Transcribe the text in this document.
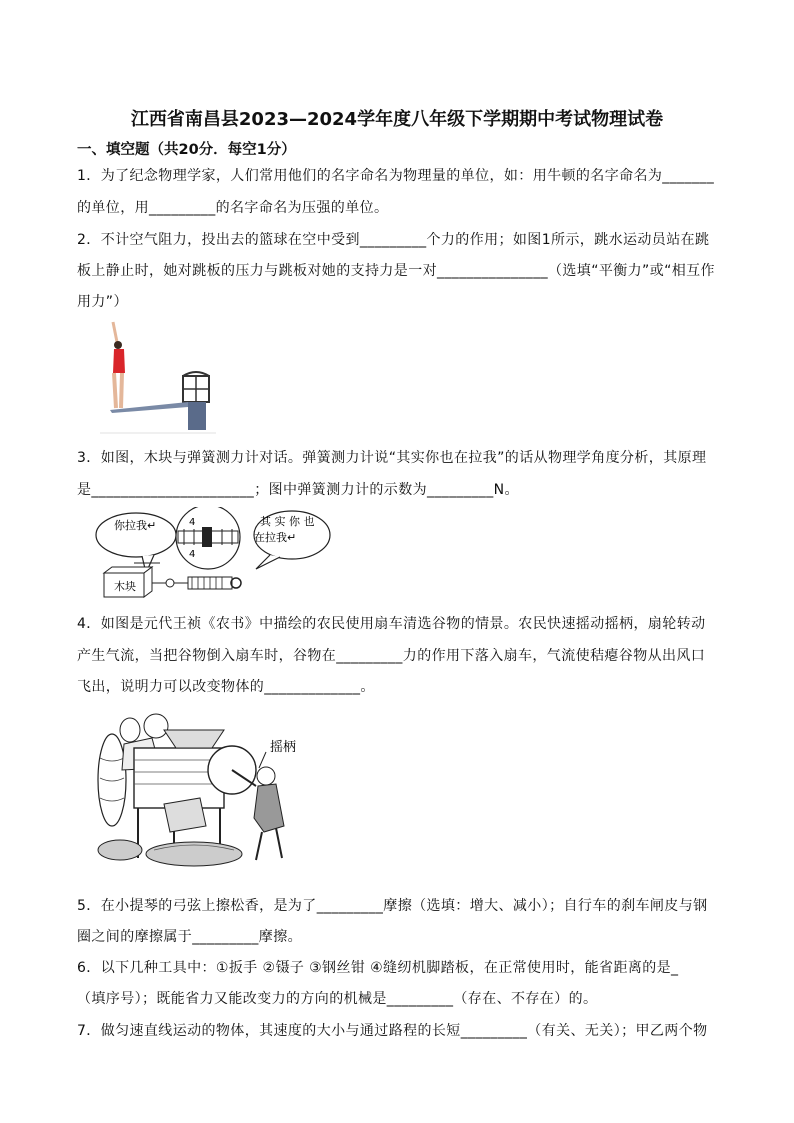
江西省南昌县2023—2024学年度八年级下学期期中考试物理试卷
一、填空题（共20分．每空1分）
1．为了纪念物理学家，人们常用他们的名字命名为物理量的单位，如：用牛顿的名字命名为_______
的单位，用_________的名字命名为压强的单位。
2．不计空气阻力，投出去的篮球在空中受到_________个力的作用；如图1所示，跳水运动员站在跳
板上静止时，她对跳板的压力与跳板对她的支持力是一对_______________（选填“平衡力”或“相互作
用力”）
3．如图，木块与弹簧测力计对话。弹簧测力计说“其实你也在拉我”的话从物理学角度分析，其原理
是______________________；图中弹簧测力计的示数为_________N。
你拉我↵	其 实 你 也
在拉我↵
4
4
木块
4．如图是元代王祯《农书》中描绘的农民使用扇车清选谷物的情景。农民快速摇动摇柄，扇轮转动
产生气流，当把谷物倒入扇车时，谷物在_________力的作用下落入扇车，气流使秸瘪谷物从出风口
飞出，说明力可以改变物体的_____________。
摇柄
5．在小提琴的弓弦上擦松香，是为了_________摩擦（选填：增大、减小）；自行车的刹车闸皮与钢
圈之间的摩擦属于_________摩擦。
6．以下几种工具中：①扳手 ②镊子 ③钢丝钳 ④缝纫机脚踏板，在正常使用时，能省距离的是_
（填序号）；既能省力又能改变力的方向的机械是_________（存在、不存在）的。
7．做匀速直线运动的物体，其速度的大小与通过路程的长短_________（有关、无关）；甲乙两个物
